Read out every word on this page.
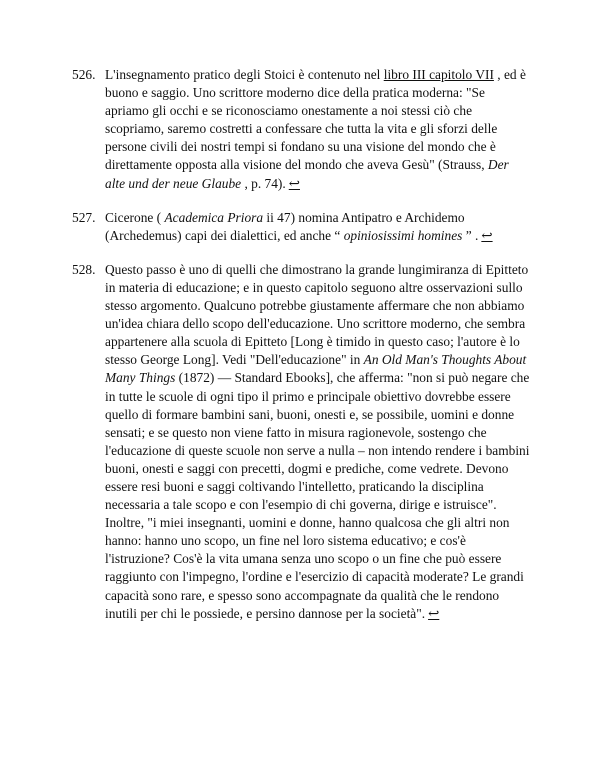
526. L'insegnamento pratico degli Stoici è contenuto nel libro III capitolo VII , ed è buono e saggio. Uno scrittore moderno dice della pratica moderna: "Se apriamo gli occhi e se riconosciamo onestamente a noi stessi ciò che scopriamo, saremo costretti a confessare che tutta la vita e gli sforzi delle persone civili dei nostri tempi si fondano su una visione del mondo che è direttamente opposta alla visione del mondo che aveva Gesù" (Strauss, Der alte und der neue Glaube , p. 74). ↩
527. Cicerone ( Academica Priora ii 47) nomina Antipatro e Archidemo (Archedemus) capi dei dialettici, ed anche “ opiniosissimi homines ” . ↩
528. Questo passo è uno di quelli che dimostrano la grande lungimiranza di Epitteto in materia di educazione; e in questo capitolo seguono altre osservazioni sullo stesso argomento. Qualcuno potrebbe giustamente affermare che non abbiamo un'idea chiara dello scopo dell'educazione. Uno scrittore moderno, che sembra appartenere alla scuola di Epitteto [Long è timido in questo caso; l'autore è lo stesso George Long]. Vedi "Dell'educazione" in An Old Man's Thoughts About Many Things (1872) — Standard Ebooks], che afferma: "non si può negare che in tutte le scuole di ogni tipo il primo e principale obiettivo dovrebbe essere quello di formare bambini sani, buoni, onesti e, se possibile, uomini e donne sensati; e se questo non viene fatto in misura ragionevole, sostengo che l'educazione di queste scuole non serve a nulla – non intendo rendere i bambini buoni, onesti e saggi con precetti, dogmi e prediche, come vedrete. Devono essere resi buoni e saggi coltivando l'intelletto, praticando la disciplina necessaria a tale scopo e con l'esempio di chi governa, dirige e istruisce". Inoltre, "i miei insegnanti, uomini e donne, hanno qualcosa che gli altri non hanno: hanno uno scopo, un fine nel loro sistema educativo; e cos'è l'istruzione? Cos'è la vita umana senza uno scopo o un fine che può essere raggiunto con l'impegno, l'ordine e l'esercizio di capacità moderate? Le grandi capacità sono rare, e spesso sono accompagnate da qualità che le rendono inutili per chi le possiede, e persino dannose per la società". ↩
